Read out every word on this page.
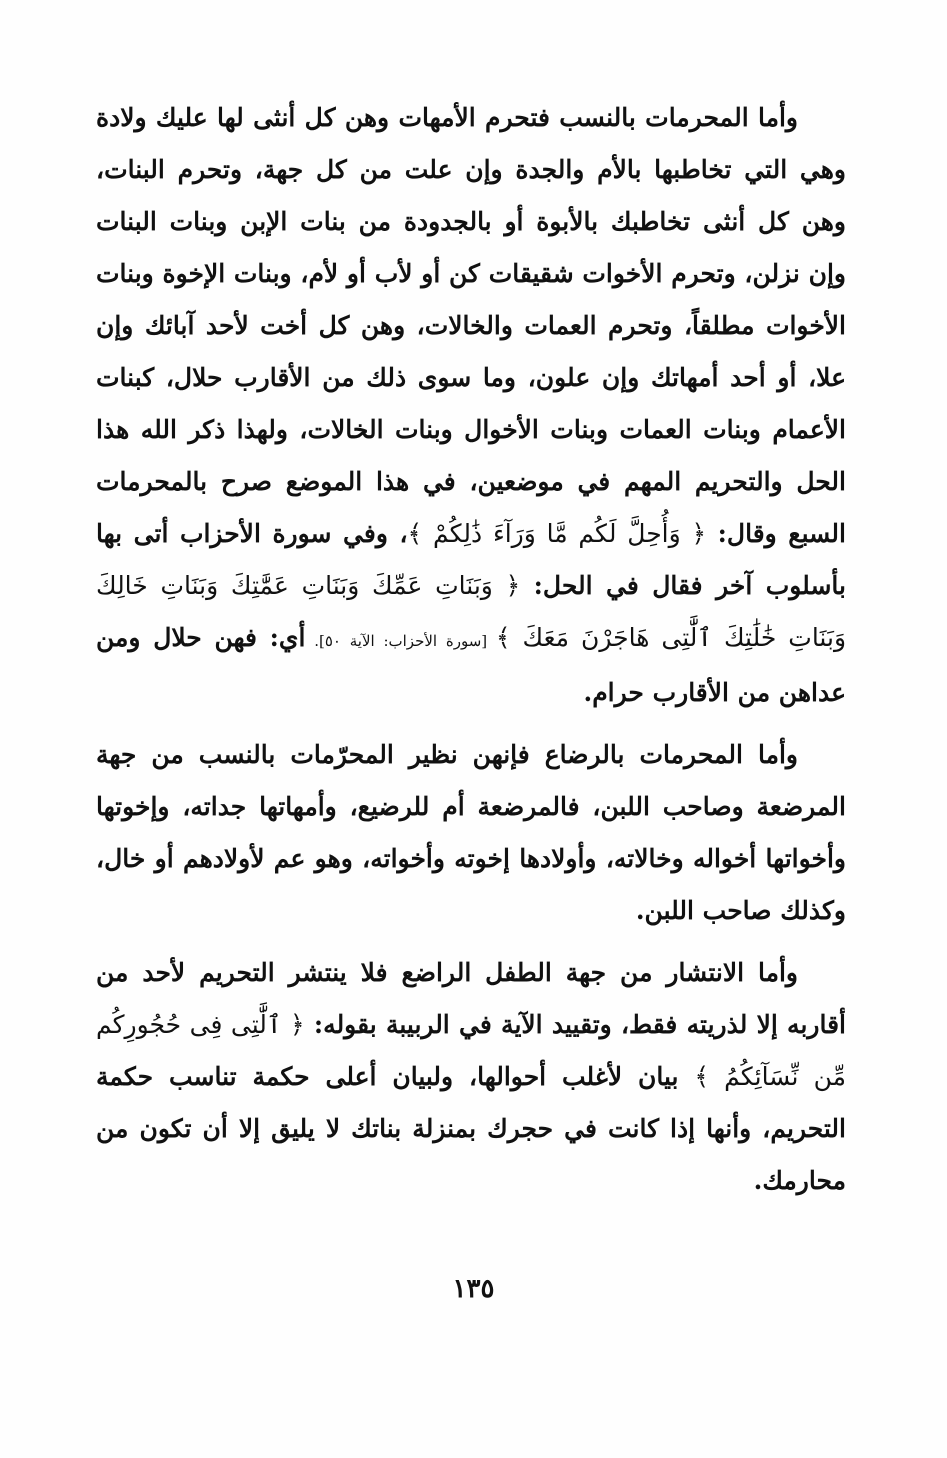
وأما المحرمات بالنسب فتحرم الأمهات وهن كل أنثى لها عليك ولادة وهي التي تخاطبها بالأم والجدة وإن علت من كل جهة، وتحرم البنات، وهن كل أنثى تخاطبك بالأبوة أو بالجدودة من بنات الإبن وبنات البنات وإن نزلن، وتحرم الأخوات شقيقات كن أو لأب أو لأم، وبنات الإخوة وبنات الأخوات مطلقاً، وتحرم العمات والخالات، وهن كل أخت لأحد آبائك وإن علا، أو أحد أمهاتك وإن علون، وما سوى ذلك من الأقارب حلال، كبنات الأعمام وبنات العمات وبنات الأخوال وبنات الخالات، ولهذا ذكر الله هذا الحل والتحريم المهم في موضعين، في هذا الموضع صرح بالمحرمات السبع وقال: ﴿ وَأُحِلَّ لَكُم مَّا وَرَآءَ ذَٰلِكُمْ ﴾، وفي سورة الأحزاب أتى بها بأسلوب آخر فقال في الحل: ﴿ وَبَنَاتِ عَمِّكَ وَبَنَاتِ عَمَّٰتِكَ وَبَنَاتِ خَالِكَ وَبَنَاتِ خَٰلَٰتِكَ ٱلَّٰتِى هَاجَرْنَ مَعَكَ ﴾ [سورة الأحزاب: الآية ٥٠]. أي: فهن حلال ومن عداهن من الأقارب حرام.

وأما المحرمات بالرضاع فإنهن نظير المحرّمات بالنسب من جهة المرضعة وصاحب اللبن، فالمرضعة أم للرضيع، وأمهاتها جداته، وإخوتها وأخواتها أخواله وخالاته، وأولادها إخوته وأخواته، وهو عم لأولادهم أو خال، وكذلك صاحب اللبن.

وأما الانتشار من جهة الطفل الراضع فلا ينتشر التحريم لأحد من أقاربه إلا لذريته فقط، وتقييد الآية في الربيبة بقوله: ﴿ ٱلَّٰتِى فِى حُجُورِكُم مِّن نِّسَآئِكُمُ ﴾ بيان لأغلب أحوالها، ولبيان أعلى حكمة تناسب حكمة التحريم، وأنها إذا كانت في حجرك بمنزلة بناتك لا يليق إلا أن تكون من محارمك.

١٣٥
